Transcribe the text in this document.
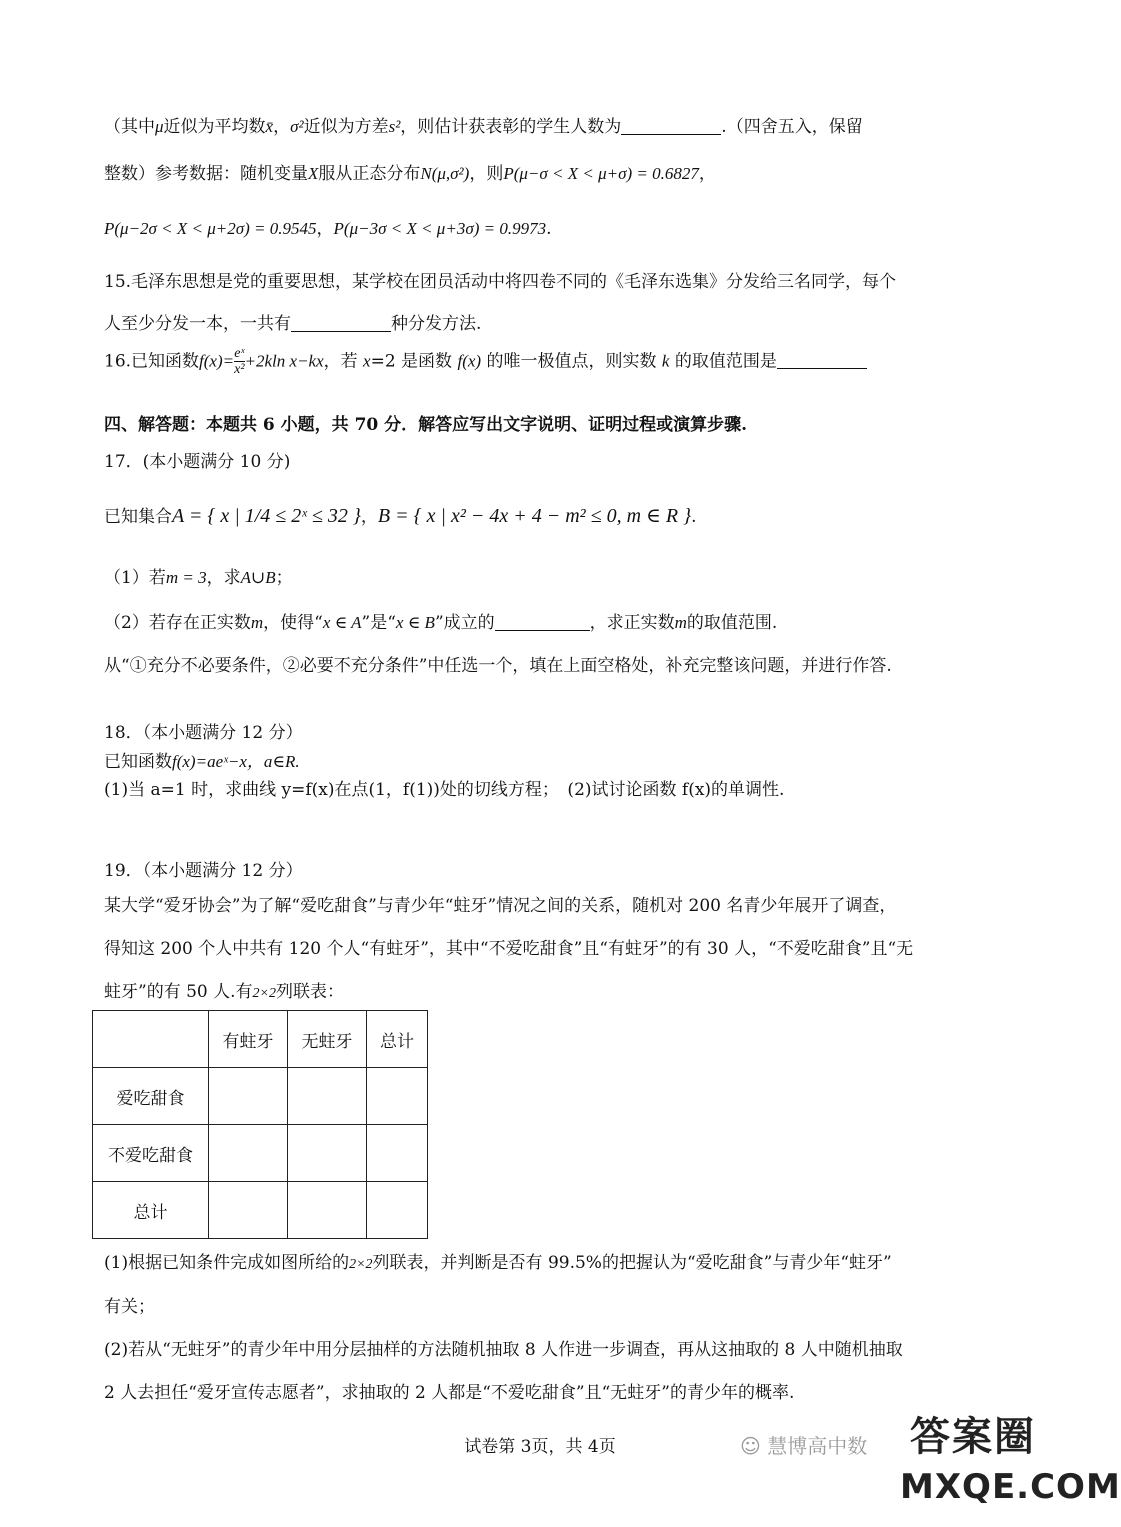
（其中μ近似为平均数x̄，σ²近似为方差s²，则估计获表彰的学生人数为	.（四舍五入，保留
整数）参考数据：随机变量X服从正态分布N(μ,σ²)，则P(μ−σ < X < μ+σ) = 0.6827，
P(μ−2σ < X < μ+2σ) = 0.9545，P(μ−3σ < X < μ+3σ) = 0.9973.
15.毛泽东思想是党的重要思想，某学校在团员活动中将四卷不同的《毛泽东选集》分发给三名同学，每个
人至少分发一本，一共有	种分发方法.
16.已知函数$f(x)= \frac{\text{eˣ}}{\text{x²}} +2kln$ x−kx，若 x=2 是函数 f(x) 的唯一极值点，则实数 k 的取值范围是
四、解答题：本题共 6 小题，共 70 分．解答应写出文字说明、证明过程或演算步骤.
17．(本小题满分 10 分)
已知集合A = { x | 1/4 ≤ 2ˣ ≤ 32 }，B = { x | x² − 4x + 4 − m² ≤ 0, m ∈ R }.
（1）若m = 3，求A∪B；
（2）若存在正实数m，使得“x ∈ A”是“x ∈ B”成立的	，求正实数m的取值范围.
从“①充分不必要条件，②必要不充分条件”中任选一个，填在上面空格处，补充完整该问题，并进行作答.
18．（本小题满分 12 分）
已知函数f(x)=aeˣ−x，a∈R.
(1)当 a=1 时，求曲线 y=f(x)在点(1，f(1))处的切线方程；　(2)试讨论函数 f(x)的单调性.
19．（本小题满分 12 分）
某大学“爱牙协会”为了解“爱吃甜食”与青少年“蛀牙”情况之间的关系，随机对 200 名青少年展开了调查，
得知这 200 个人中共有 120 个人“有蛀牙”，其中“不爱吃甜食”且“有蛀牙”的有 30 人，“不爱吃甜食”且“无
蛀牙”的有 50 人.有2×2列联表：
	有蛀牙	无蛀牙	总计
爱吃甜食			
不爱吃甜食			
总计			
(1)根据已知条件完成如图所给的2×2列联表，并判断是否有 99.5%的把握认为“爱吃甜食”与青少年“蛀牙”
有关；
(2)若从“无蛀牙”的青少年中用分层抽样的方法随机抽取 8 人作进一步调查，再从这抽取的 8 人中随机抽取
2 人去担任“爱牙宣传志愿者”，求抽取的 2 人都是“不爱吃甜食”且“无蛀牙”的青少年的概率.
试卷第 3页，共 4页	☺ 慧博高中数 答案圈
MXQE.COM
